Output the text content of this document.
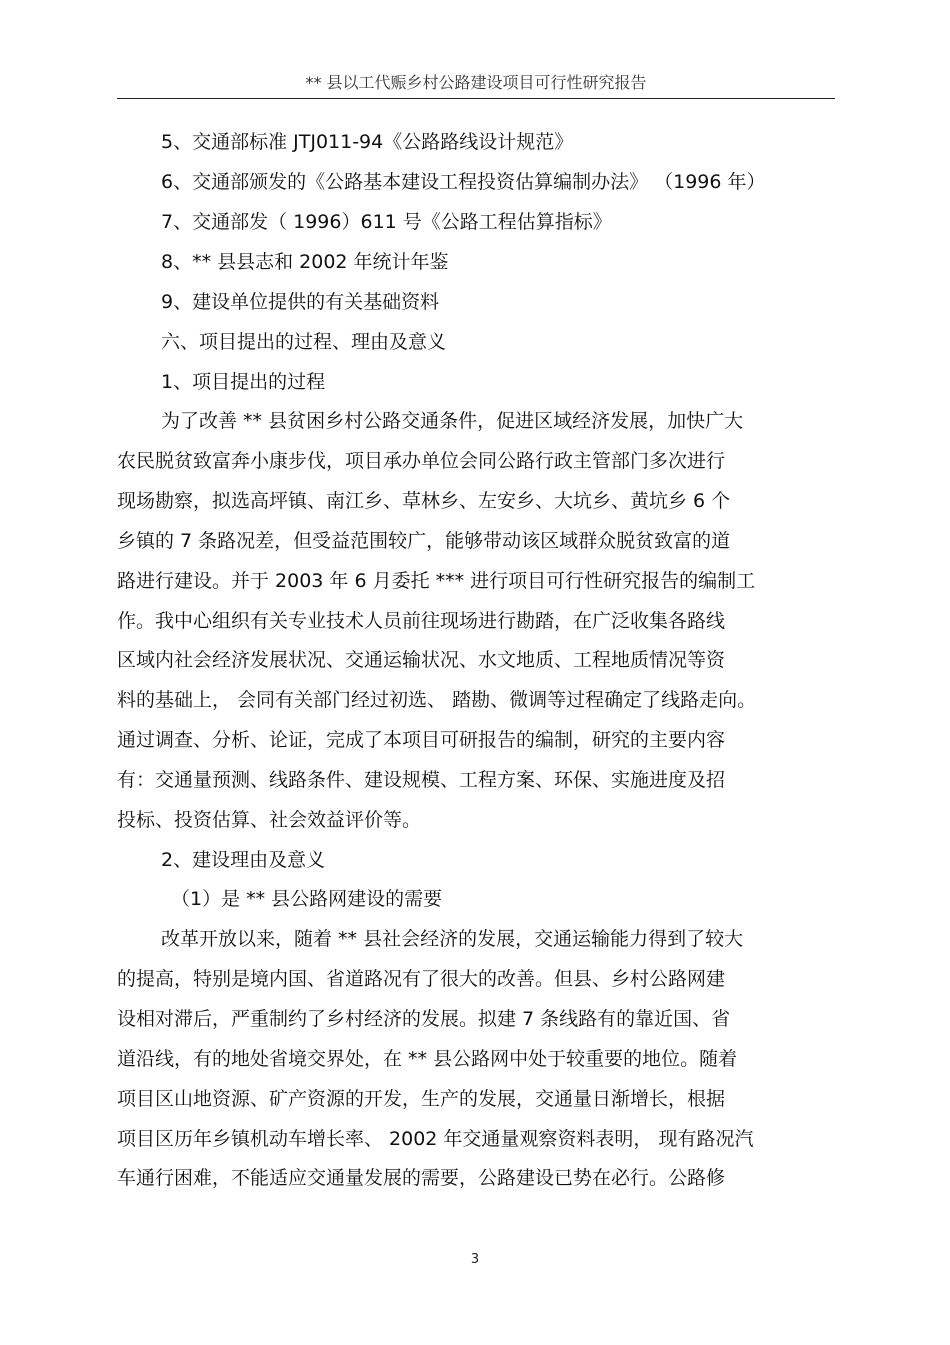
** 县以工代赈乡村公路建设项目可行性研究报告
5、交通部标准 JTJ011-94《公路路线设计规范》
6、交通部颁发的《公路基本建设工程投资估算编制办法》 （1996 年）
7、交通部发（ 1996）611 号《公路工程估算指标》
8、** 县县志和 2002 年统计年鉴
9、建设单位提供的有关基础资料
六、项目提出的过程、理由及意义
1、项目提出的过程
为了改善 ** 县贫困乡村公路交通条件，促进区域经济发展，加快广大
农民脱贫致富奔小康步伐，项目承办单位会同公路行政主管部门多次进行
现场勘察，拟选高坪镇、南江乡、草林乡、左安乡、大坑乡、黄坑乡 6 个
乡镇的 7 条路况差，但受益范围较广，能够带动该区域群众脱贫致富的道
路进行建设。并于 2003 年 6 月委托 *** 进行项目可行性研究报告的编制工
作。我中心组织有关专业技术人员前往现场进行勘踏，在广泛收集各路线
区域内社会经济发展状况、交通运输状况、水文地质、工程地质情况等资
料的基础上， 会同有关部门经过初选、 踏勘、微调等过程确定了线路走向。
通过调查、分析、论证，完成了本项目可研报告的编制，研究的主要内容
有：交通量预测、线路条件、建设规模、工程方案、环保、实施进度及招
投标、投资估算、社会效益评价等。
2、建设理由及意义
（1）是 ** 县公路网建设的需要
改革开放以来，随着 ** 县社会经济的发展，交通运输能力得到了较大
的提高，特别是境内国、省道路况有了很大的改善。但县、乡村公路网建
设相对滞后，严重制约了乡村经济的发展。拟建 7 条线路有的靠近国、省
道沿线，有的地处省境交界处，在 ** 县公路网中处于较重要的地位。随着
项目区山地资源、矿产资源的开发，生产的发展，交通量日渐增长，根据
项目区历年乡镇机动车增长率、 2002 年交通量观察资料表明， 现有路况汽
车通行困难，不能适应交通量发展的需要，公路建设已势在必行。公路修
3
